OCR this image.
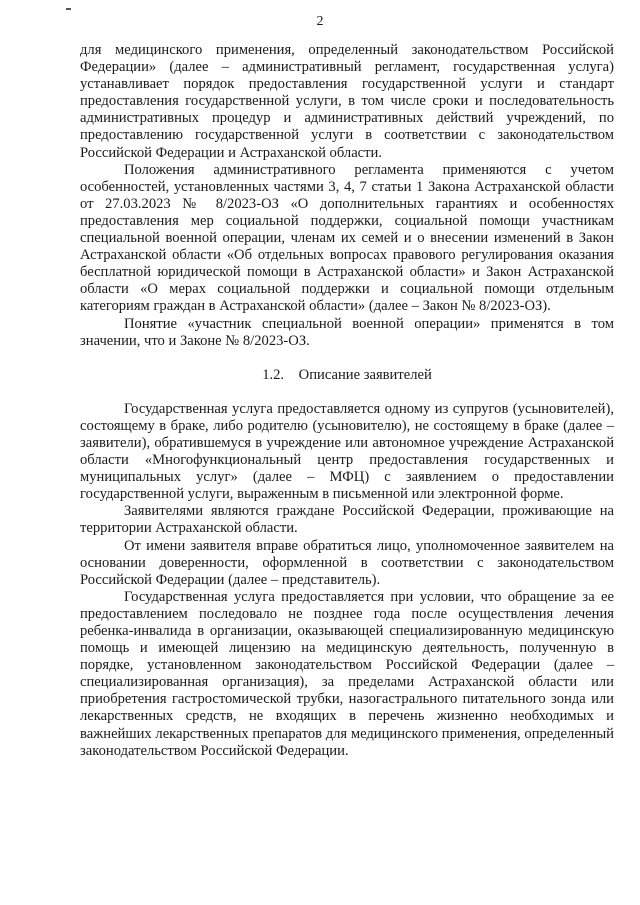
2

для медицинского применения, определенный законодательством Российской Федерации» (далее – административный регламент, государственная услуга) устанавливает порядок предоставления государственной услуги и стандарт предоставления государственной услуги, в том числе сроки и последовательность административных процедур и административных действий учреждений, по предоставлению государственной услуги в соответствии с законодательством Российской Федерации и Астраханской области.

Положения административного регламента применяются с учетом особенностей, установленных частями 3, 4, 7 статьи 1 Закона Астраханской области от 27.03.2023 № 8/2023-ОЗ «О дополнительных гарантиях и особенностях предоставления мер социальной поддержки, социальной помощи участникам специальной военной операции, членам их семей и о внесении изменений в Закон Астраханской области «Об отдельных вопросах правового регулирования оказания бесплатной юридической помощи в Астраханской области» и Закон Астраханской области «О мерах социальной поддержки и социальной помощи отдельным категориям граждан в Астраханской области» (далее – Закон № 8/2023-ОЗ).

Понятие «участник специальной военной операции» применятся в том значении, что и Законе № 8/2023-ОЗ.

1.2. Описание заявителей

Государственная услуга предоставляется одному из супругов (усыновителей), состоящему в браке, либо родителю (усыновителю), не состоящему в браке (далее – заявители), обратившемуся в учреждение или автономное учреждение Астраханской области «Многофункциональный центр предоставления государственных и муниципальных услуг» (далее – МФЦ) с заявлением о предоставлении государственной услуги, выраженным в письменной или электронной форме.

Заявителями являются граждане Российской Федерации, проживающие на территории Астраханской области.

От имени заявителя вправе обратиться лицо, уполномоченное заявителем на основании доверенности, оформленной в соответствии с законодательством Российской Федерации (далее – представитель).

Государственная услуга предоставляется при условии, что обращение за ее предоставлением последовало не позднее года после осуществления лечения ребенка-инвалида в организации, оказывающей специализированную медицинскую помощь и имеющей лицензию на медицинскую деятельность, полученную в порядке, установленном законодательством Российской Федерации (далее – специализированная организация), за пределами Астраханской области или приобретения гастростомической трубки, назогастрального питательного зонда или лекарственных средств, не входящих в перечень жизненно необходимых и важнейших лекарственных препаратов для медицинского применения, определенный законодательством Российской Федерации.
